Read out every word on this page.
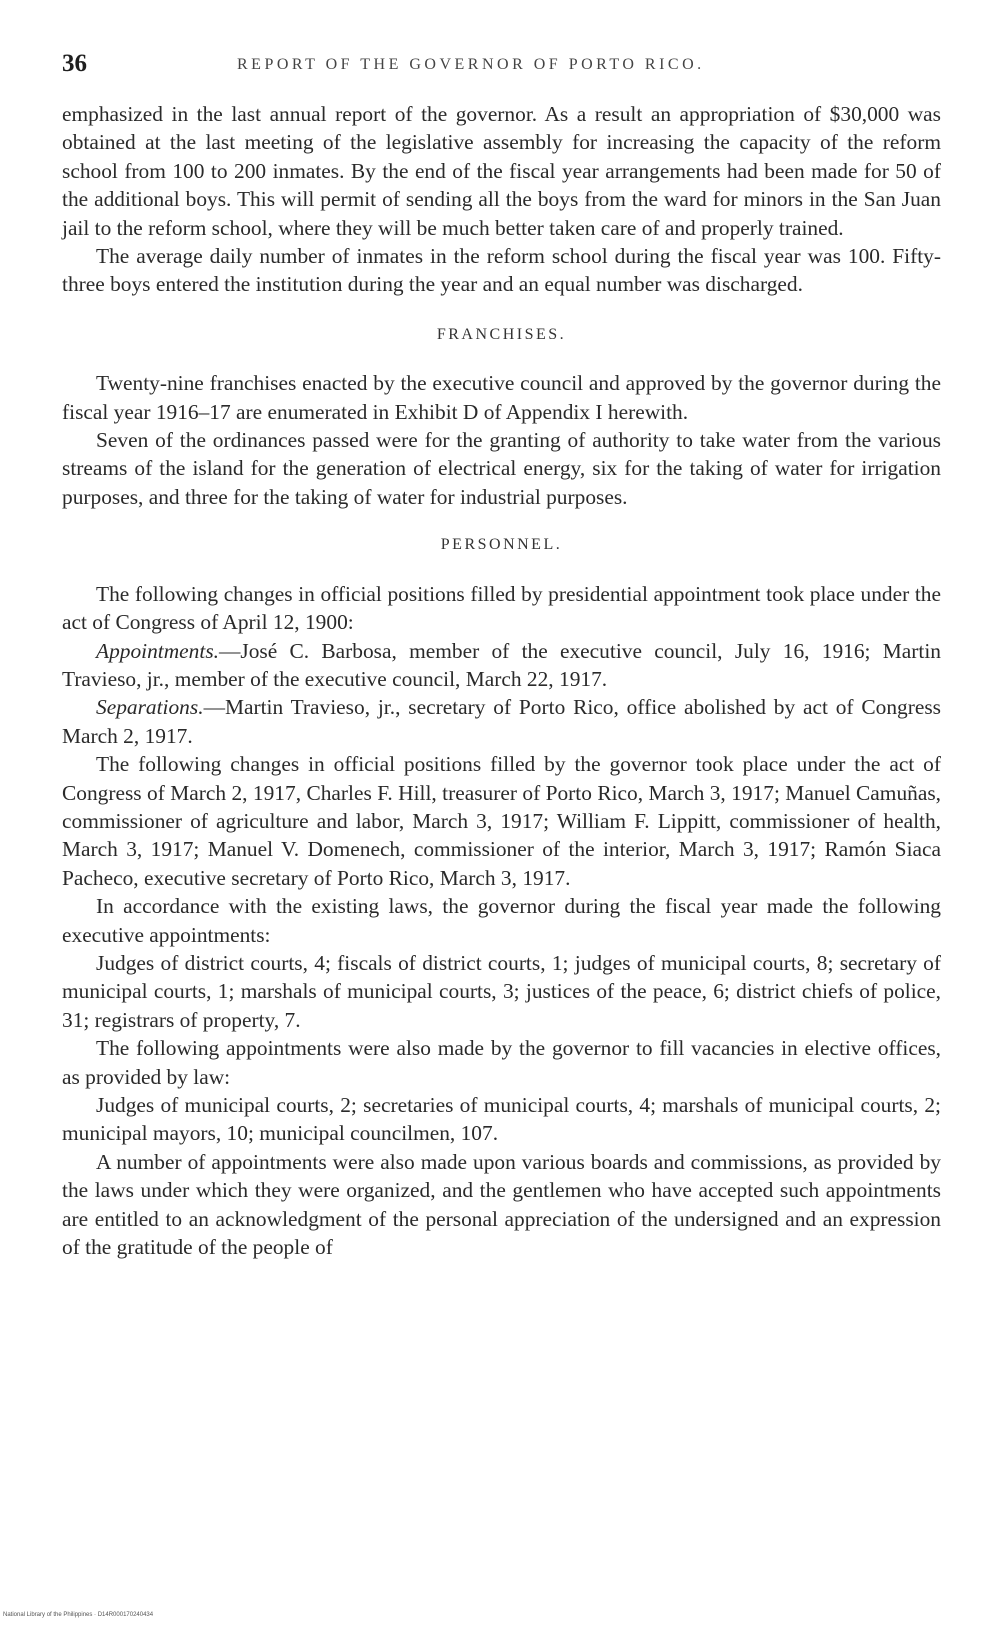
36	REPORT OF THE GOVERNOR OF PORTO RICO.

emphasized in the last annual report of the governor. As a result an appropriation of $30,000 was obtained at the last meeting of the legislative assembly for increasing the capacity of the reform school from 100 to 200 inmates. By the end of the fiscal year arrangements had been made for 50 of the additional boys. This will permit of sending all the boys from the ward for minors in the San Juan jail to the reform school, where they will be much better taken care of and properly trained.

The average daily number of inmates in the reform school during the fiscal year was 100. Fifty-three boys entered the institution during the year and an equal number was discharged.

FRANCHISES.

Twenty-nine franchises enacted by the executive council and approved by the governor during the fiscal year 1916–17 are enumerated in Exhibit D of Appendix I herewith.

Seven of the ordinances passed were for the granting of authority to take water from the various streams of the island for the generation of electrical energy, six for the taking of water for irrigation purposes, and three for the taking of water for industrial purposes.

PERSONNEL.

The following changes in official positions filled by presidential appointment took place under the act of Congress of April 12, 1900:

Appointments.—José C. Barbosa, member of the executive council, July 16, 1916; Martin Travieso, jr., member of the executive council, March 22, 1917.

Separations.—Martin Travieso, jr., secretary of Porto Rico, office abolished by act of Congress March 2, 1917.

The following changes in official positions filled by the governor took place under the act of Congress of March 2, 1917, Charles F. Hill, treasurer of Porto Rico, March 3, 1917; Manuel Camuñas, commissioner of agriculture and labor, March 3, 1917; William F. Lippitt, commissioner of health, March 3, 1917; Manuel V. Domenech, commissioner of the interior, March 3, 1917; Ramón Siaca Pacheco, executive secretary of Porto Rico, March 3, 1917.

In accordance with the existing laws, the governor during the fiscal year made the following executive appointments:

Judges of district courts, 4; fiscals of district courts, 1; judges of municipal courts, 8; secretary of municipal courts, 1; marshals of municipal courts, 3; justices of the peace, 6; district chiefs of police, 31; registrars of property, 7.

The following appointments were also made by the governor to fill vacancies in elective offices, as provided by law:

Judges of municipal courts, 2; secretaries of municipal courts, 4; marshals of municipal courts, 2; municipal mayors, 10; municipal councilmen, 107.

A number of appointments were also made upon various boards and commissions, as provided by the laws under which they were organized, and the gentlemen who have accepted such appointments are entitled to an acknowledgment of the personal appreciation of the undersigned and an expression of the gratitude of the people of

National Library of the Philippines · D14R000170240434
